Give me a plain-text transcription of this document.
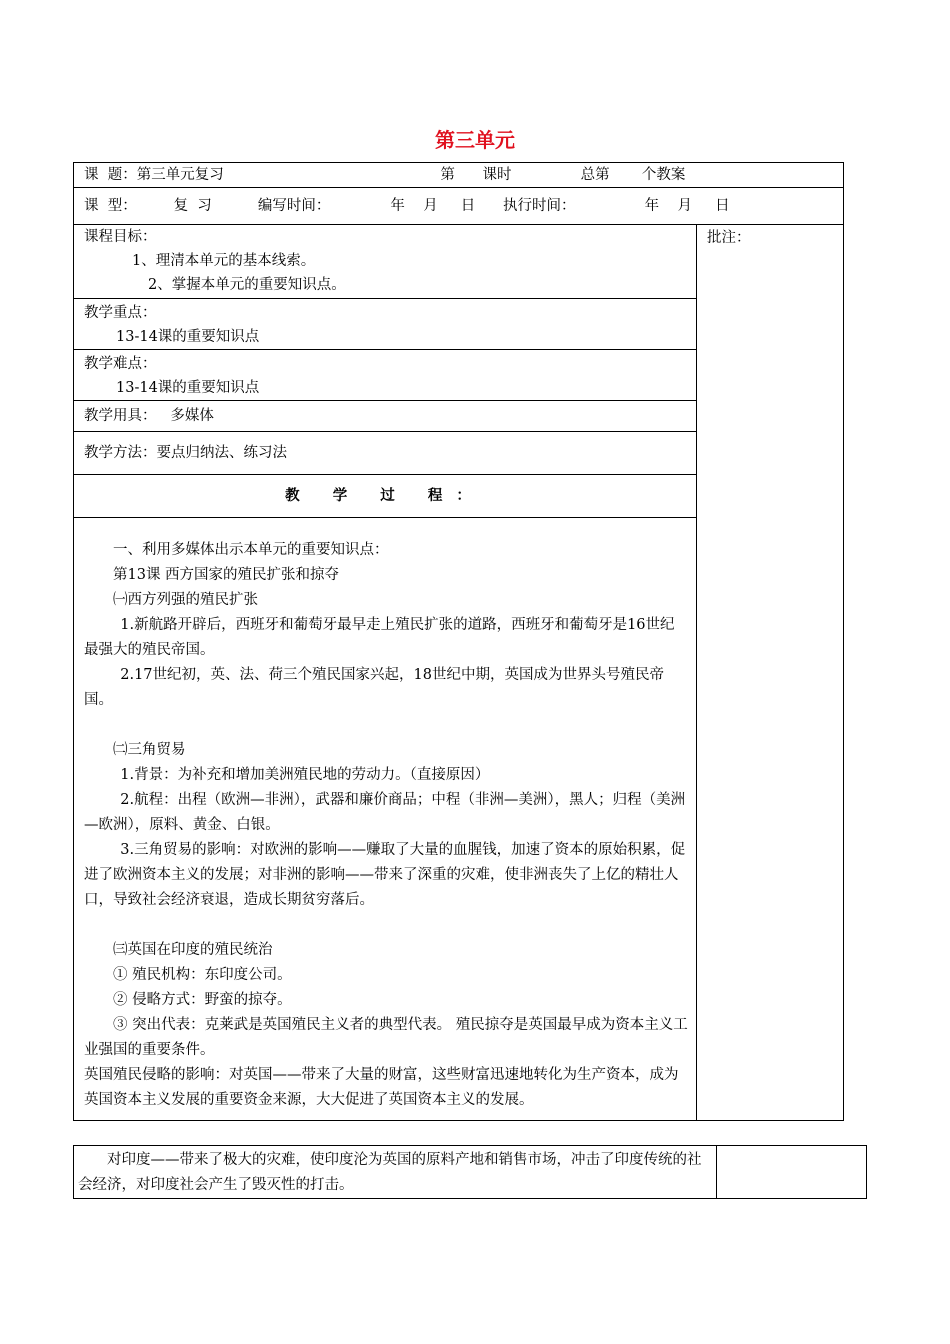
第三单元
课  题：第三单元复习                                               第      课时               总第       个教案
课  型：        复  习          编写时间：             年    月     日      执行时间：               年    月     日

课程目标：

1、理清本单元的基本线索。

2、掌握本单元的重要知识点。

批注：

教学重点：

13-14课的重要知识点

教学难点：

13-14课的重要知识点

教学用具：   多媒体

教学方法：要点归纳法、练习法

教 学 过 程：

一、利用多媒体出示本单元的重要知识点：

第13课 西方国家的殖民扩张和掠夺

㈠西方列强的殖民扩张

1.新航路开辟后，西班牙和葡萄牙最早走上殖民扩张的道路，西班牙和葡萄牙是16世纪最强大的殖民帝国。

2.17世纪初，英、法、荷三个殖民国家兴起，18世纪中期，英国成为世界头号殖民帝国。

㈡三角贸易

1.背景：为补充和增加美洲殖民地的劳动力。（直接原因）

2.航程：出程（欧洲—非洲），武器和廉价商品；中程（非洲—美洲），黑人；归程（美洲—欧洲），原料、黄金、白银。

3.三角贸易的影响：对欧洲的影响——赚取了大量的血腥钱，加速了资本的原始积累，促进了欧洲资本主义的发展；对非洲的影响——带来了深重的灾难，使非洲丧失了上亿的精壮人口，导致社会经济衰退，造成长期贫穷落后。

㈢英国在印度的殖民统治

① 殖民机构：东印度公司。

② 侵略方式：野蛮的掠夺。

③ 突出代表：克莱武是英国殖民主义者的典型代表。 殖民掠夺是英国最早成为资本主义工业强国的重要条件。

英国殖民侵略的影响：对英国——带来了大量的财富，这些财富迅速地转化为生产资本，成为英国资本主义发展的重要资金来源，大大促进了英国资本主义的发展。

对印度——带来了极大的灾难，使印度沦为英国的原料产地和销售市场，冲击了印度传统的社会经济，对印度社会产生了毁灭性的打击。
